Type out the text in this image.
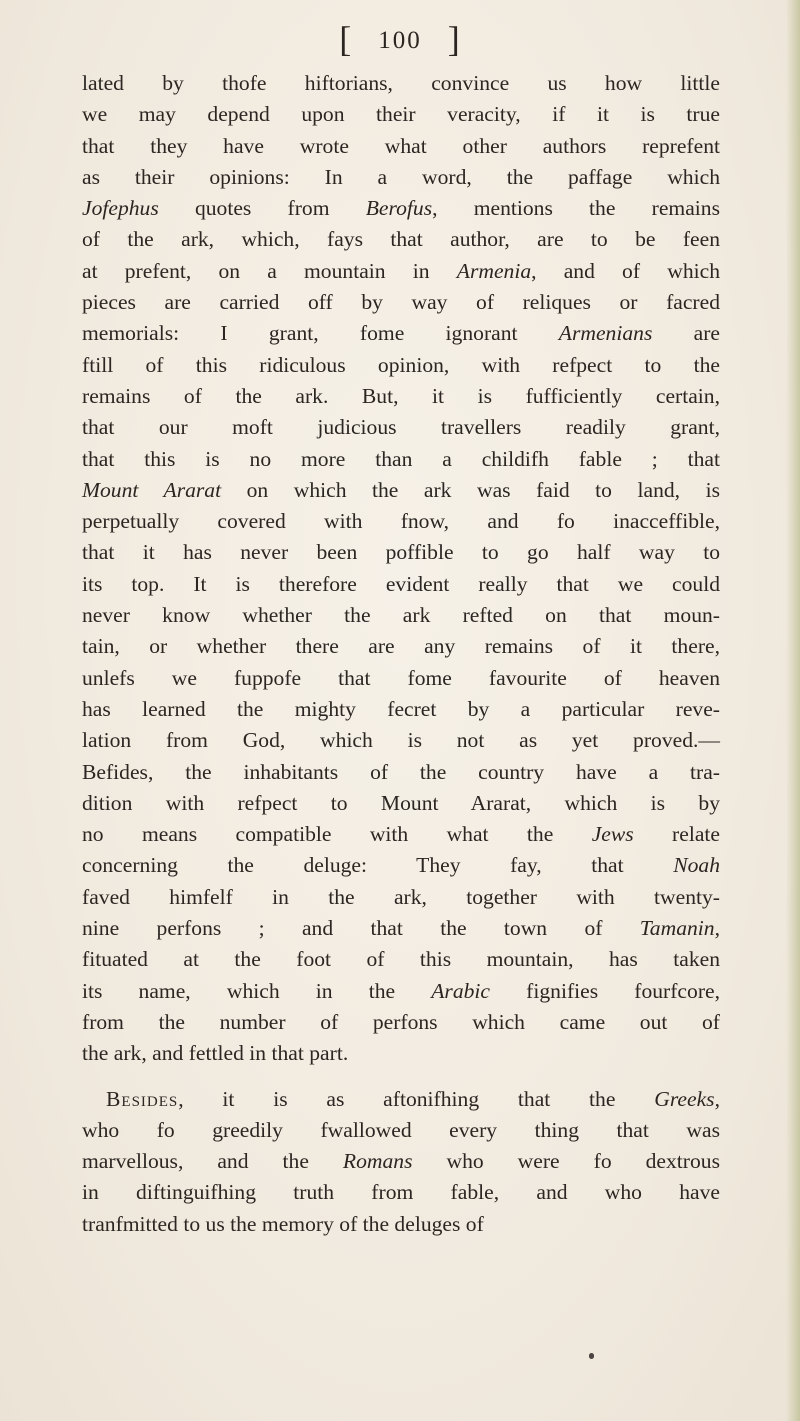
[ 100 ]
lated by thofe hiftorians, convince us how little
we may depend upon their veracity, if it is true
that they have wrote what other authors reprefent
as their opinions: In a word, the paffage which
Jofephus quotes from Berofus, mentions the remains
of the ark, which, fays that author, are to be feen
at prefent, on a mountain in Armenia, and of which
pieces are carried off by way of reliques or facred
memorials: I grant, fome ignorant Armenians are
ftill of this ridiculous opinion, with refpect to the
remains of the ark. But, it is fufficiently certain,
that our moft judicious travellers readily grant,
that this is no more than a childifh fable ; that
Mount Ararat on which the ark was faid to land, is
perpetually covered with fnow, and fo inacceffible,
that it has never been poffible to go half way to
its top. It is therefore evident really that we could
never know whether the ark refted on that moun-
tain, or whether there are any remains of it there,
unlefs we fuppofe that fome favourite of heaven
has learned the mighty fecret by a particular reve-
lation from God, which is not as yet proved.—
Befides, the inhabitants of the country have a tra-
dition with refpect to Mount Ararat, which is by
no means compatible with what the Jews relate
concerning the deluge: They fay, that Noah
faved himfelf in the ark, together with twenty-
nine perfons ; and that the town of Tamanin,
fituated at the foot of this mountain, has taken
its name, which in the Arabic fignifies fourfcore,
from the number of perfons which came out of
the ark, and fettled in that part.
Besides, it is as aftonifhing that the Greeks,
who fo greedily fwallowed every thing that was
marvellous, and the Romans who were fo dextrous
in diftinguifhing truth from fable, and who have
tranfmitted to us the memory of the deluges of
